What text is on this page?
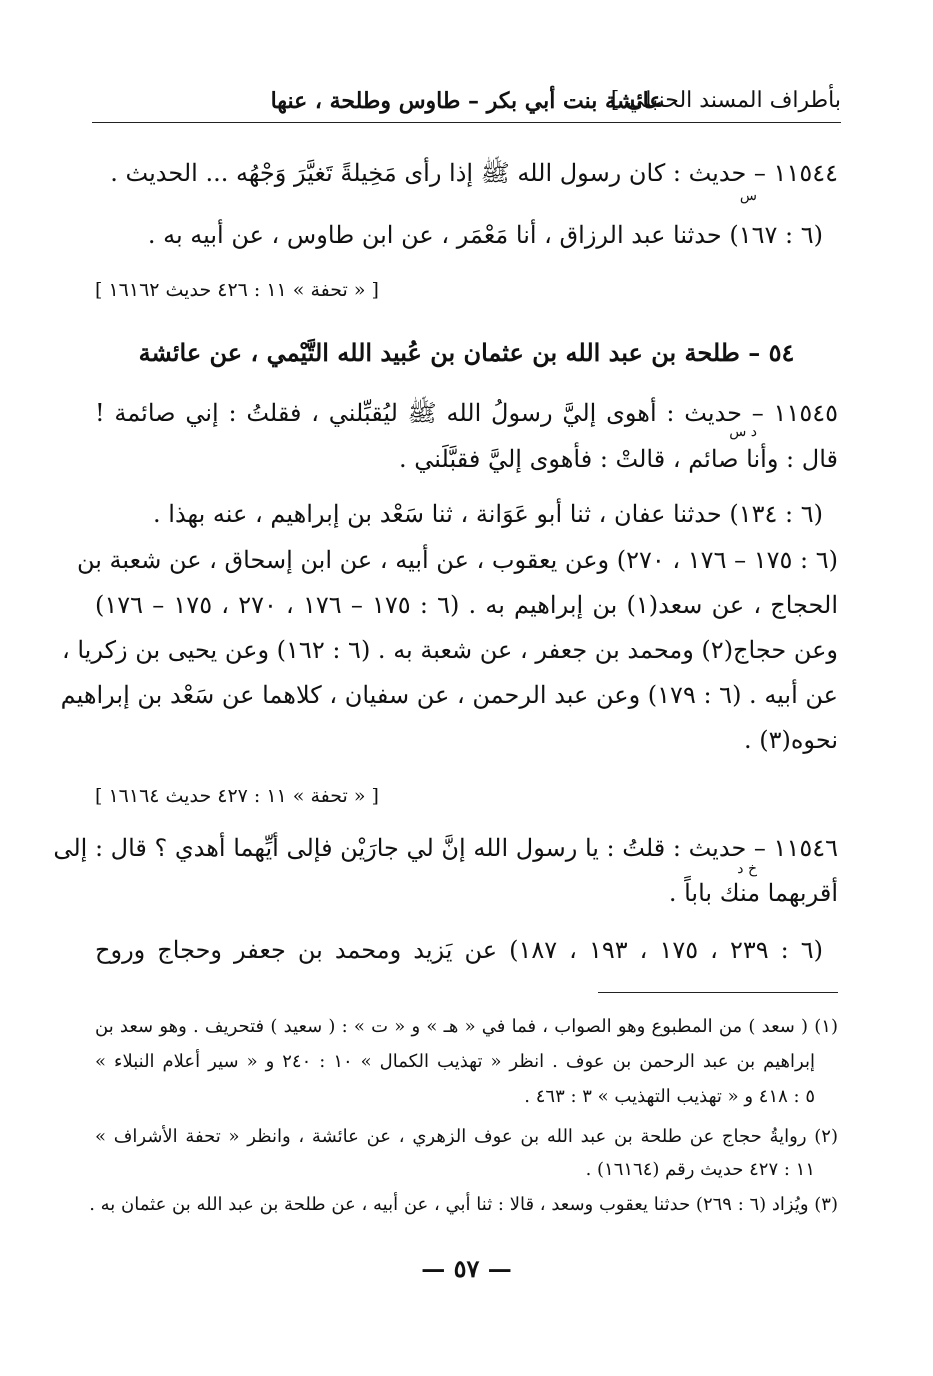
بأطراف المسند الحنبلي ]
عائشة بنت أبي بكر – طاوس وطلحة ، عنها
١١٥٤٤ – حديث : كان رسول الله ﷺ إذا رأى مَخِيلةً تَغيَّرَ وَجْهُه ... الحديث .
س
(٦ : ١٦٧) حدثنا عبد الرزاق ، أنا مَعْمَر ، عن ابن طاوس ، عن أبيه به .
[ « تحفة » ١١ : ٤٢٦ حديث ١٦١٦٢ ]
٥٤ – طلحة بن عبد الله بن عثمان بن عُبيد الله التَّيْمي ، عن عائشة
١١٥٤٥ – حديث : أهوى إليَّ رسولُ الله ﷺ ليُقبِّلني ، فقلتُ : إني صائمة !
د س
قال : وأنا صائم ، قالتْ : فأهوى إليَّ فقبَّلَني .
(٦ : ١٣٤) حدثنا عفان ، ثنا أبو عَوَانة ، ثنا سَعْد بن إبراهيم ، عنه بهذا .
(٦ : ١٧٥ – ١٧٦ ، ٢٧٠) وعن يعقوب ، عن أبيه ، عن ابن إسحاق ، عن شعبة بن
الحجاج ، عن سعد(١) بن إبراهيم به . (٦ : ١٧٥ – ١٧٦ ، ٢٧٠ ، ١٧٥ – ١٧٦)
وعن حجاج(٢) ومحمد بن جعفر ، عن شعبة به . (٦ : ١٦٢) وعن يحيى بن زكريا ،
عن أبيه . (٦ : ١٧٩) وعن عبد الرحمن ، عن سفيان ، كلاهما عن سَعْد بن إبراهيم
نحوه(٣) .
[ « تحفة » ١١ : ٤٢٧ حديث ١٦١٦٤ ]
١١٥٤٦ – حديث : قلتُ : يا رسول الله إنَّ لي جارَيْن فإلى أيِّهما أهدي ؟ قال : إلى
خ د
أقربهما منك باباً .
(٦ : ٢٣٩ ، ١٧٥ ، ١٩٣ ، ١٨٧) عن يَزيد ومحمد بن جعفر وحجاج وروح
(١) ( سعد ) من المطبوع وهو الصواب ، فما في « هـ » و « ت » : ( سعيد ) فتحريف . وهو سعد بن
إبراهيم بن عبد الرحمن بن عوف . انظر « تهذيب الكمال » ١٠ : ٢٤٠ و « سير أعلام النبلاء »
٥ : ٤١٨ و « تهذيب التهذيب » ٣ : ٤٦٣ .
(٢) روايةُ حجاج عن طلحة بن عبد الله بن عوف الزهري ، عن عائشة ، وانظر « تحفة الأشراف »
١١ : ٤٢٧ حديث رقم (١٦١٦٤) .
(٣) ويُزاد (٦ : ٢٦٩) حدثنا يعقوب وسعد ، قالا : ثنا أبي ، عن أبيه ، عن طلحة بن عبد الله بن عثمان به .
— ٥٧ —
